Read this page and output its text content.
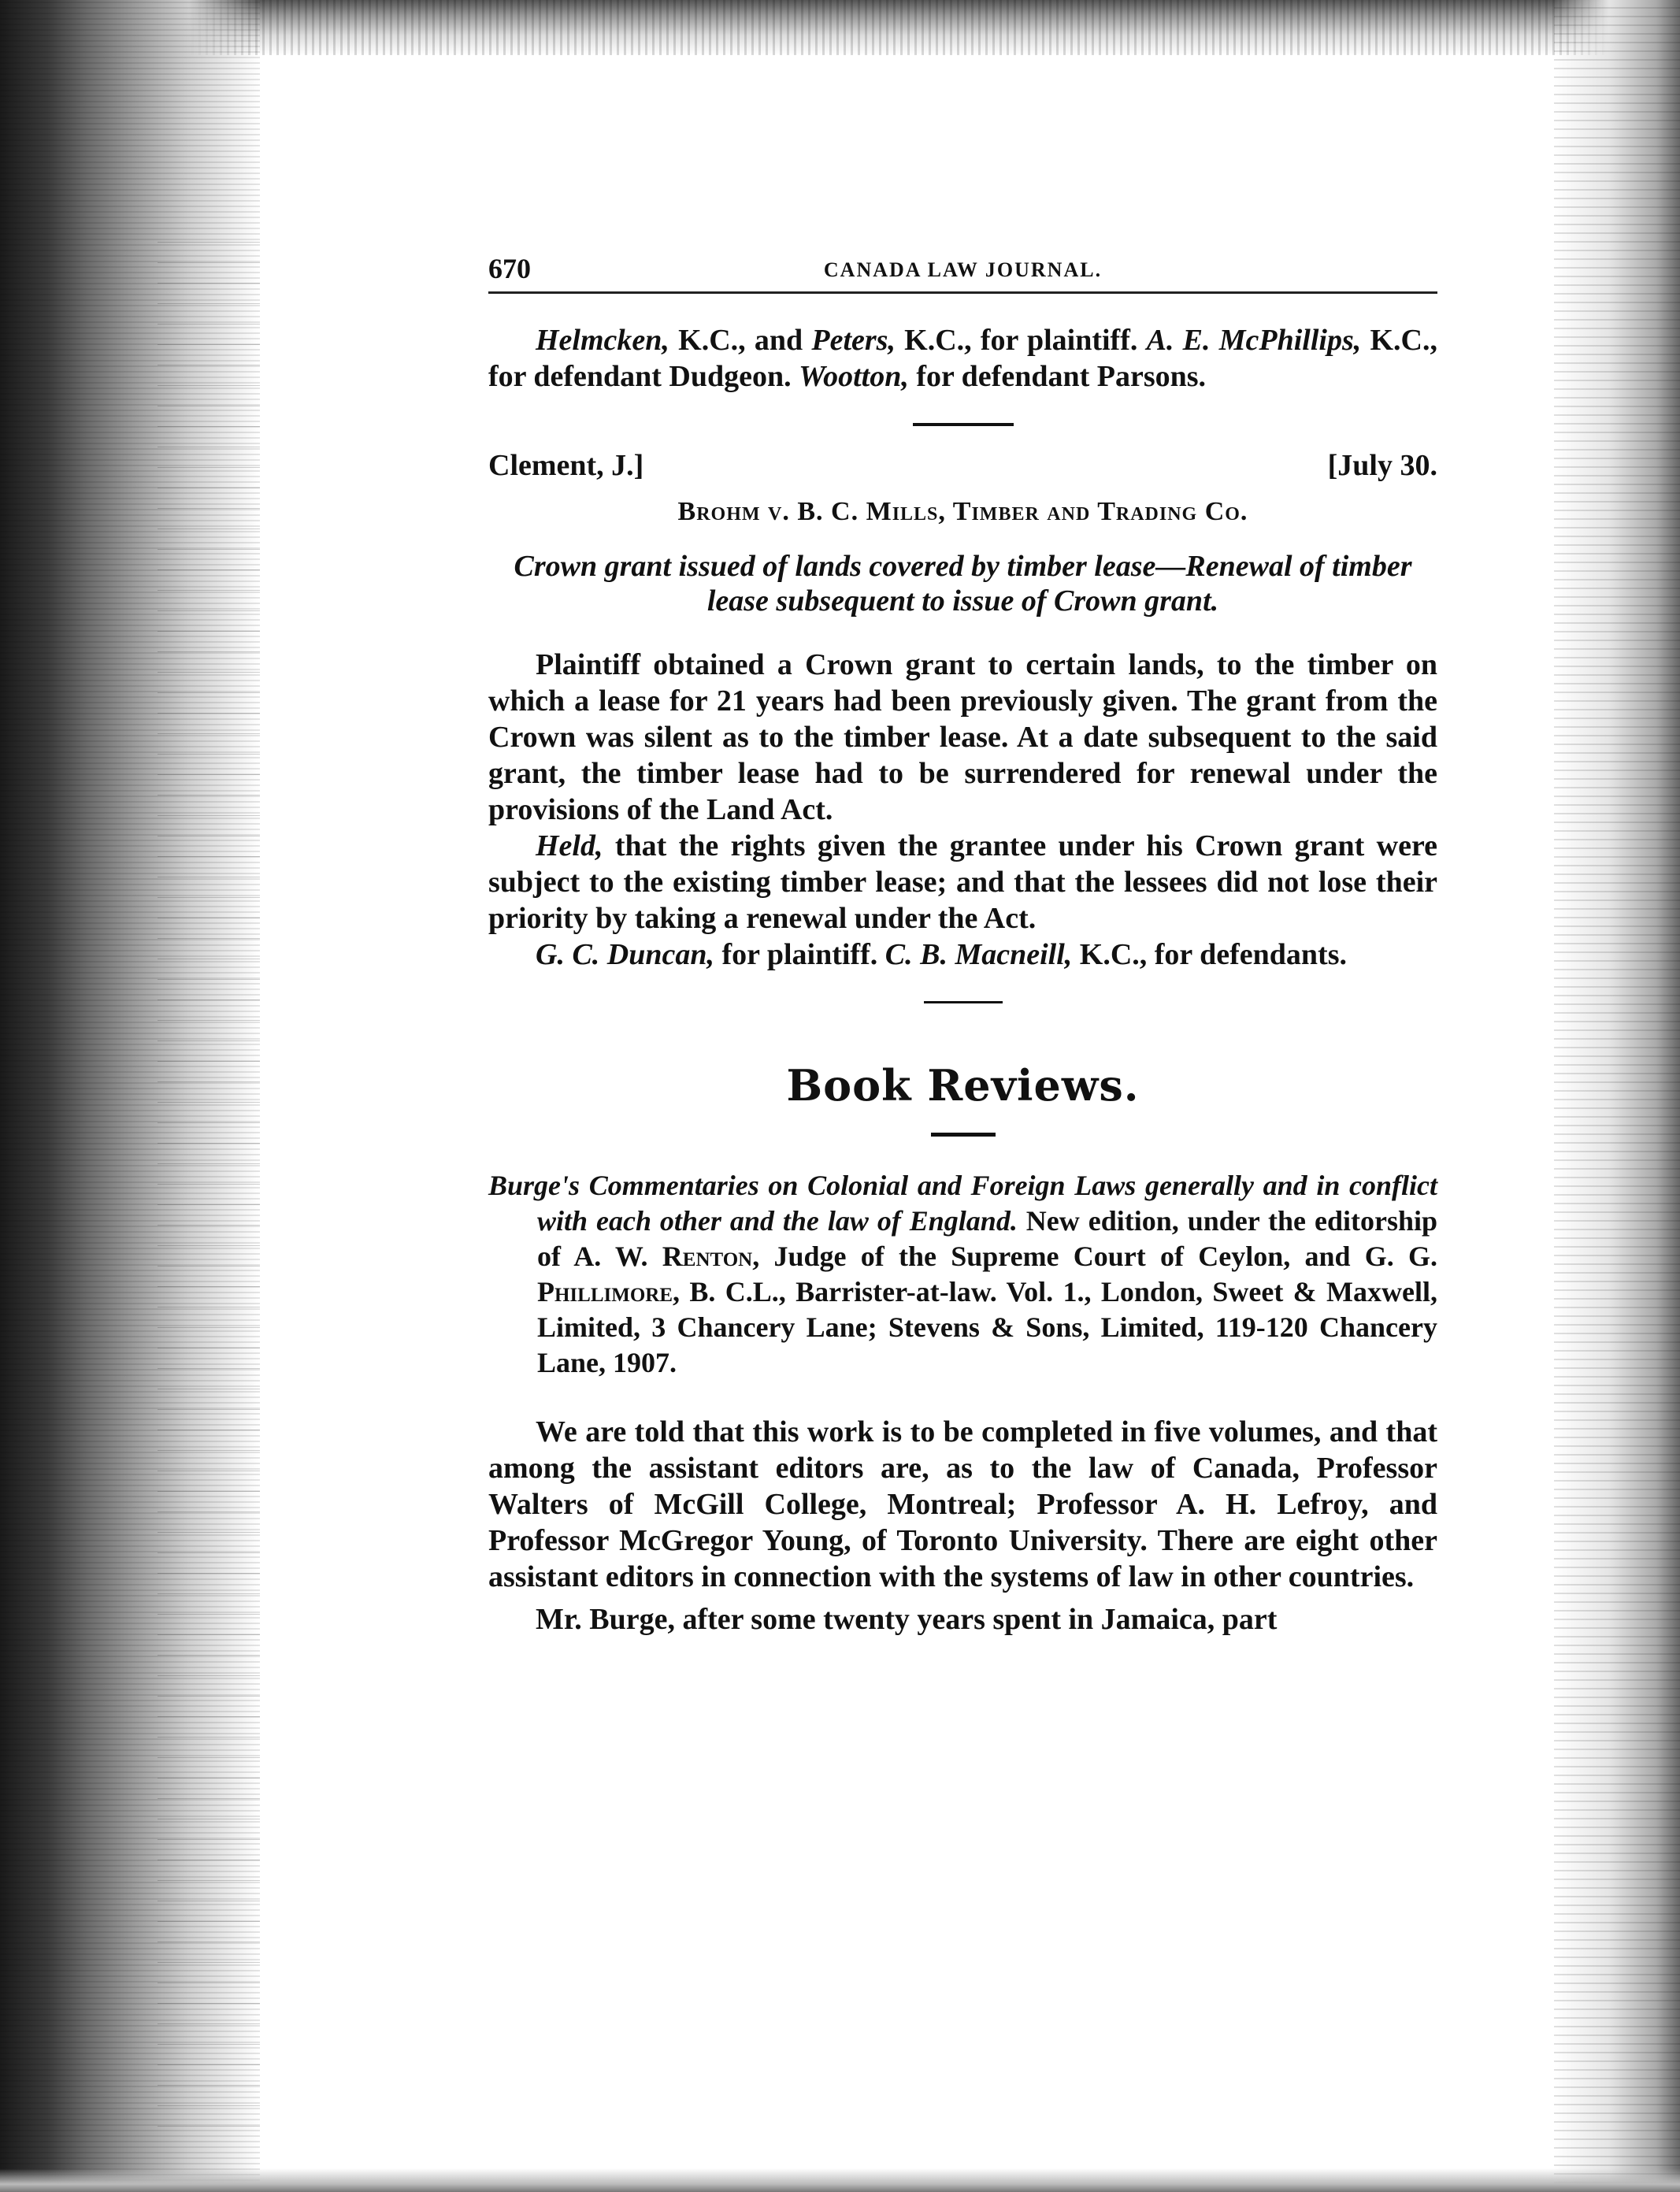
670	CANADA LAW JOURNAL.

Helmcken, K.C., and Peters, K.C., for plaintiff. A. E. McPhillips, K.C., for defendant Dudgeon. Wootton, for defendant Parsons.

Clement, J.]	[July 30.
Brohm v. B. C. Mills, Timber and Trading Co.
Crown grant issued of lands covered by timber lease—Renewal of timber lease subsequent to issue of Crown grant.

Plaintiff obtained a Crown grant to certain lands, to the timber on which a lease for 21 years had been previously given. The grant from the Crown was silent as to the timber lease. At a date subsequent to the said grant, the timber lease had to be surrendered for renewal under the provisions of the Land Act.

Held, that the rights given the grantee under his Crown grant were subject to the existing timber lease; and that the lessees did not lose their priority by taking a renewal under the Act.

G. C. Duncan, for plaintiff. C. B. Macneill, K.C., for defendants.

Book Reviews.
Burge's Commentaries on Colonial and Foreign Laws generally and in conflict with each other and the law of England. New edition, under the editorship of A. W. Renton, Judge of the Supreme Court of Ceylon, and G. G. Phillimore, B. C.L., Barrister-at-law. Vol. 1., London, Sweet & Maxwell, Limited, 3 Chancery Lane; Stevens & Sons, Limited, 119-120 Chancery Lane, 1907.

We are told that this work is to be completed in five volumes, and that among the assistant editors are, as to the law of Canada, Professor Walters of McGill College, Montreal; Professor A. H. Lefroy, and Professor McGregor Young, of Toronto University. There are eight other assistant editors in connection with the systems of law in other countries.

Mr. Burge, after some twenty years spent in Jamaica, part
